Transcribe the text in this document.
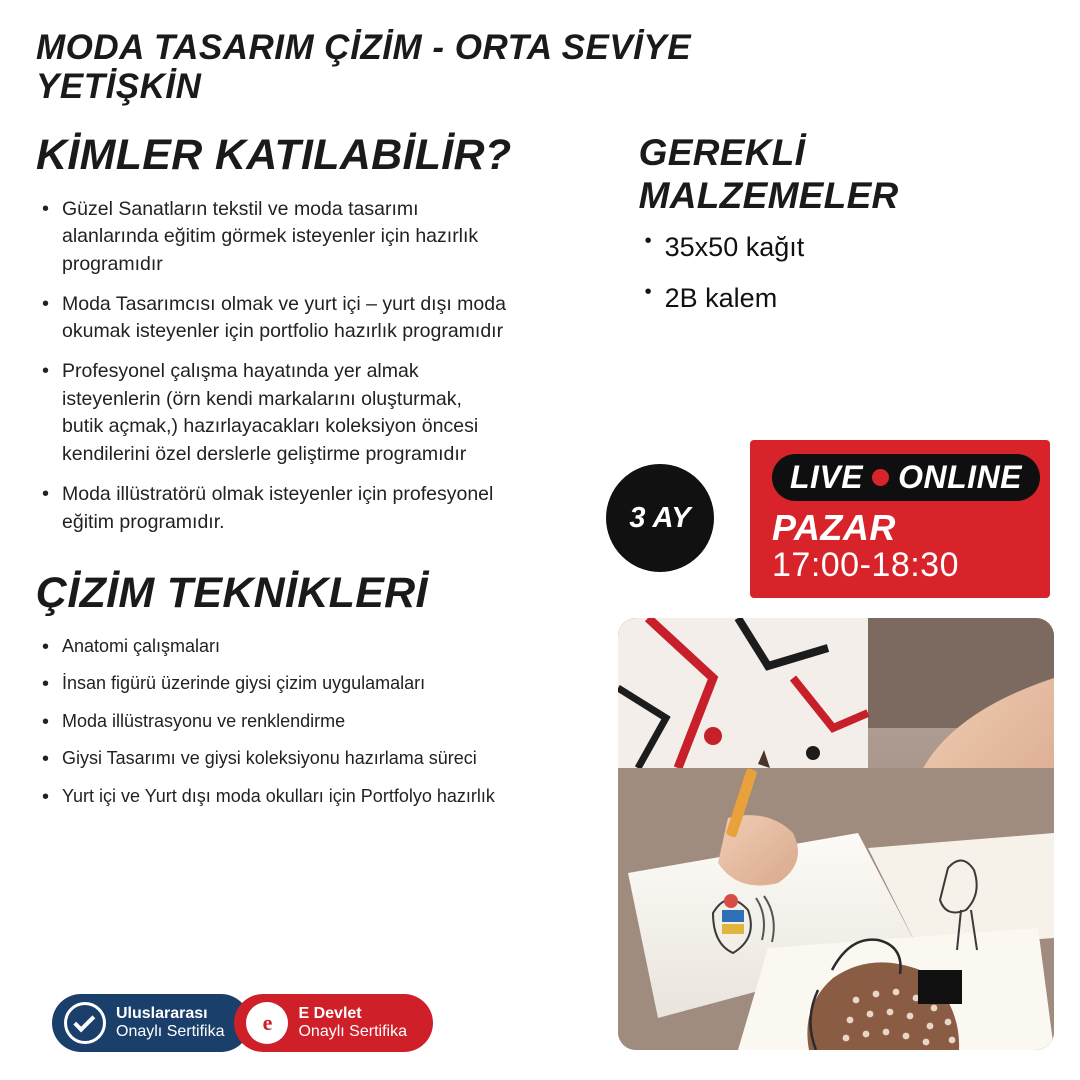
MODA TASARIM ÇİZİM - ORTA SEVİYE
YETİŞKİN
KİMLER KATILABİLİR?
• Güzel Sanatların tekstil ve moda tasarımı alanlarında eğitim görmek isteyenler için hazırlık programıdır
• Moda Tasarımcısı olmak ve yurt içi – yurt dışı moda okumak isteyenler için portfolio hazırlık programıdır
• Profesyonel çalışma hayatında yer almak isteyenlerin (örn kendi markalarını oluşturmak, butik açmak,) hazırlayacakları koleksiyon öncesi kendilerini özel derslerle geliştirme programıdır
• Moda illüstratörü olmak isteyenler için profesyonel eğitim programıdır.
ÇİZİM TEKNİKLERİ
• Anatomi çalışmaları
• İnsan figürü üzerinde giysi çizim uygulamaları
• Moda illüstrasyonu ve renklendirme
• Giysi Tasarımı ve giysi koleksiyonu hazırlama süreci
• Yurt içi ve Yurt dışı moda okulları için Portfolyo hazırlık
GEREKLİ MALZEMELER
• 35x50 kağıt
• 2B kalem
LIVE ONLINE
PAZAR
17:00-18:30
3 AY
Uluslararası
Onaylı Sertifika e E Devlet
Onaylı Sertifika
